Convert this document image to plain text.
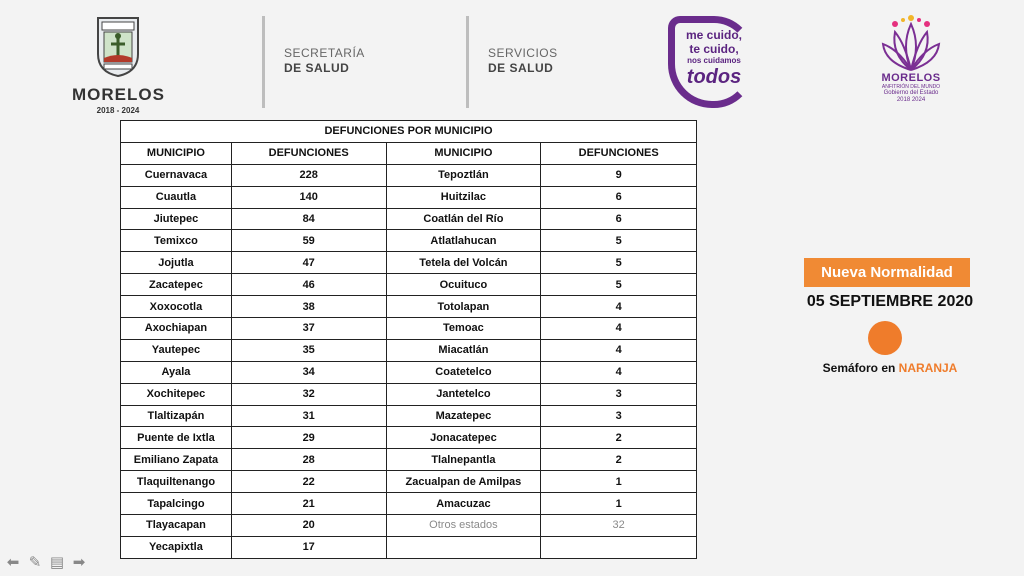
MORELOS
2018 - 2024
SECRETARÍA
DE SALUD
SERVICIOS
DE SALUD
me cuido,
te cuido,
nos cuidamos
todos	MORELOS
ANFITRIÓN DEL MUNDO
Gobierno del Estado
2018 2024
DEFUNCIONES POR MUNICIPIO			
MUNICIPIO	DEFUNCIONES	MUNICIPIO	DEFUNCIONES
Cuernavaca	228	Tepoztlán	9
Cuautla	140	Huitzilac	6
Jiutepec	84	Coatlán del Río	6
Temixco	59	Atlatlahucan	5
Jojutla	47	Tetela del Volcán	5
Zacatepec	46	Ocuituco	5
Xoxocotla	38	Totolapan	4
Axochiapan	37	Temoac	4
Yautepec	35	Miacatlán	4
Ayala	34	Coatetelco	4
Xochitepec	32	Jantetelco	3
Tlaltizapán	31	Mazatepec	3
Puente de Ixtla	29	Jonacatepec	2
Emiliano Zapata	28	Tlalnepantla	2
Tlaquiltenango	22	Zacualpan de Amilpas	1
Tapalcingo	21	Amacuzac	1
Tlayacapan	20	Otros estados	32
Yecapixtla	17		
Nueva Normalidad
05 SEPTIEMBRE 2020
Semáforo en NARANJA
⬅ ✎ ▤ ➡
